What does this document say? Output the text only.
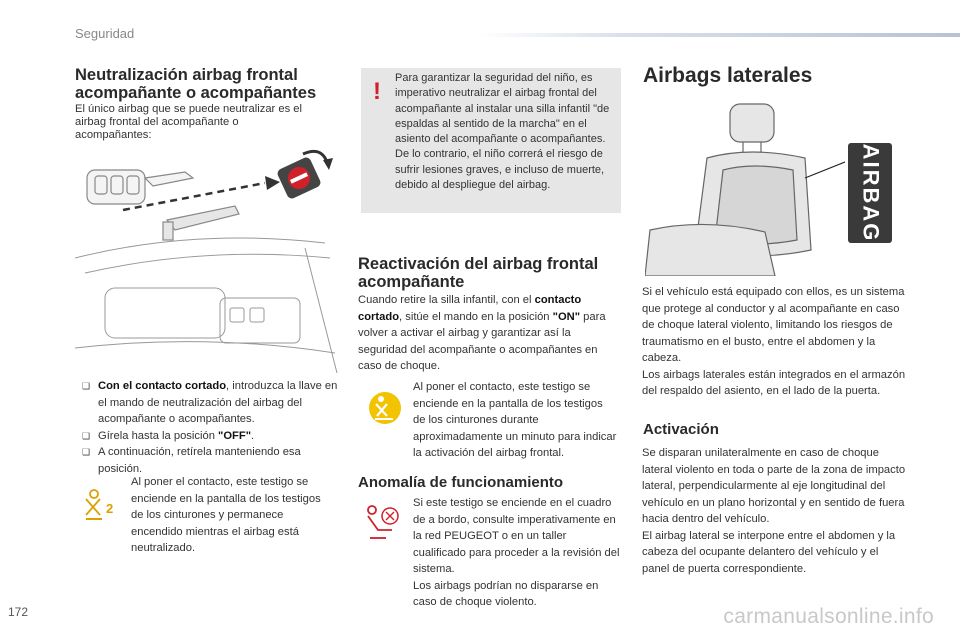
Seguridad
Neutralización airbag frontal
acompañante o acompañantes

El único airbag que se puede neutralizar es el airbag frontal del acompañante o acompañantes:

❑ Con el contacto cortado, introduzca la llave en el mando de neutralización del airbag del acompañante o acompañantes.
❑ Gírela hasta la posición "OFF".
❑ A continuación, retírela manteniendo esa posición.
2

Al poner el contacto, este testigo se enciende en la pantalla de los testigos de los cinturones y permanece encendido mientras el airbag está neutralizado.

! Para garantizar la seguridad del niño, es imperativo neutralizar el airbag frontal del acompañante al instalar una silla infantil "de espaldas al sentido de la marcha" en el asiento del acompañante o acompañantes.
De lo contrario, el niño correrá el riesgo de sufrir lesiones graves, e incluso de muerte, debido al despliegue del airbag.

Reactivación del airbag frontal
acompañante

Cuando retire la silla infantil, con el contacto cortado, sitúe el mando en la posición "ON" para volver a activar el airbag y garantizar así la seguridad del acompañante o acompañantes en caso de choque.

Al poner el contacto, este testigo se enciende en la pantalla de los testigos de los cinturones durante aproximadamente un minuto para indicar la activación del airbag frontal.

Anomalía de funcionamiento

Si este testigo se enciende en el cuadro de a bordo, consulte imperativamente en la red PEUGEOT o en un taller cualificado para proceder a la revisión del sistema.
Los airbags podrían no dispararse en caso de choque violento.

Airbags laterales
AIRBAG

Si el vehículo está equipado con ellos, es un sistema que protege al conductor y al acompañante en caso de choque lateral violento, limitando los riesgos de traumatismo en el busto, entre el abdomen y la cabeza.
Los airbags laterales están integrados en el armazón del respaldo del asiento, en el lado de la puerta.

Activación

Se disparan unilateralmente en caso de choque lateral violento en toda o parte de la zona de impacto lateral, perpendicularmente al eje longitudinal del vehículo en un plano horizontal y en sentido de fuera hacia dentro del vehículo.
El airbag lateral se interpone entre el abdomen y la cabeza del ocupante delantero del vehículo y el panel de puerta correspondiente.

172	carmanualsonline.info
